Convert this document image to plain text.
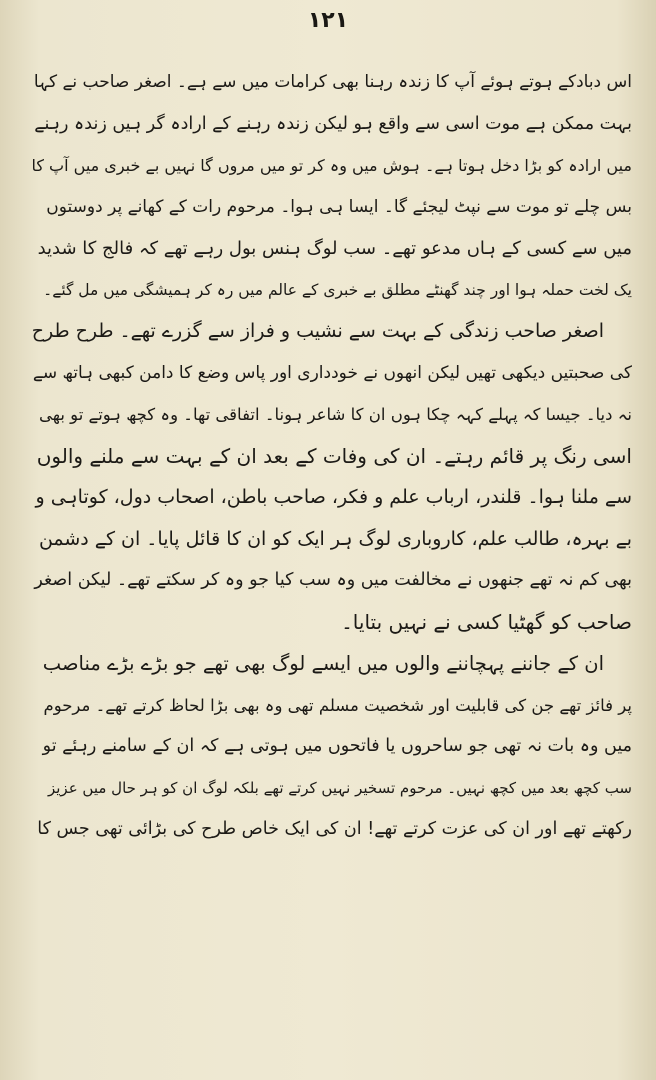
۱۲۱
اس دبادکے ہوتے ہوئے آپ کا زندہ رہنا بھی کرامات میں سے ہے۔ اصغر صاحب نے کہا
بہت ممکن ہے موت اسی سے واقع ہو لیکن زندہ رہنے کے ارادہ گر ہیں زندہ رہنے
میں ارادہ کو بڑا دخل ہوتا ہے۔ ہوش میں وہ کر تو میں مروں گا نہیں بے خبری میں آپ کا
بس چلے تو موت سے نپٹ لیجئے گا۔ ایسا ہی ہوا۔ مرحوم رات کے کھانے پر دوستوں
میں سے کسی کے ہاں مدعو تھے۔ سب لوگ ہنس بول رہے تھے کہ فالج کا شدید
یک لخت حملہ ہوا اور چند گھنٹے مطلق بے خبری کے عالم میں رہ کر ہمیشگی میں مل گئے۔
اصغر صاحب زندگی کے بہت سے نشیب و فراز سے گزرے تھے۔ طرح طرح
کی صحبتیں دیکھی تھیں لیکن انھوں نے خودداری اور پاس وضع کا دامن کبھی ہاتھ سے
نہ دیا۔ جیسا کہ پہلے کہہ چکا ہوں ان کا شاعر ہونا۔ اتفاقی تھا۔ وہ کچھ ہوتے تو بھی
اسی رنگ پر قائم رہتے۔ ان کی وفات کے بعد ان کے بہت سے ملنے والوں
سے ملنا ہوا۔ قلندر، ارباب علم و فکر، صاحب باطن، اصحاب دول، کوتاہی و
بے بہرہ، طالب علم، کاروباری لوگ ہر ایک کو ان کا قائل پایا۔ ان کے دشمن
بھی کم نہ تھے جنھوں نے مخالفت میں وہ سب کیا جو وہ کر سکتے تھے۔ لیکن اصغر
صاحب کو گھٹیا کسی نے نہیں بتایا۔
ان کے جاننے پہچاننے والوں میں ایسے لوگ بھی تھے جو بڑے بڑے مناصب
پر فائز تھے جن کی قابلیت اور شخصیت مسلم تھی وہ بھی بڑا لحاظ کرتے تھے۔ مرحوم
میں وہ بات نہ تھی جو ساحروں یا فاتحوں میں ہوتی ہے کہ ان کے سامنے رہئے تو
سب کچھ بعد میں کچھ نہیں۔ مرحوم تسخیر نہیں کرتے تھے بلکہ لوگ ان کو ہر حال میں عزیز
رکھتے تھے اور ان کی عزت کرتے تھے! ان کی ایک خاص طرح کی بڑائی تھی جس کا
